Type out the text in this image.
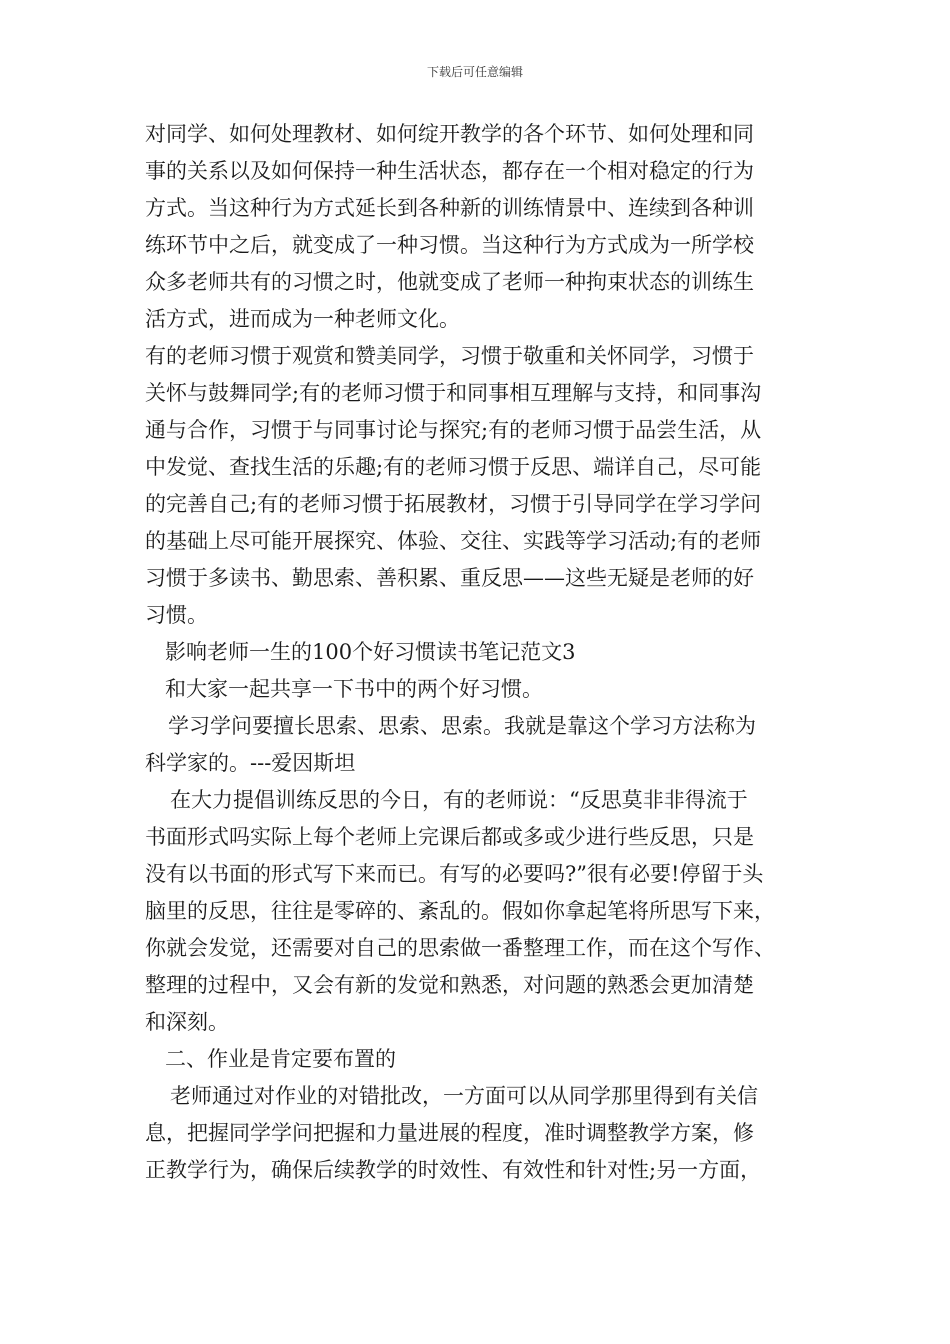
下载后可任意编辑
对同学、如何处理教材、如何绽开教学的各个环节、如何处理和同
事的关系以及如何保持一种生活状态，都存在一个相对稳定的行为
方式。当这种行为方式延长到各种新的训练情景中、连续到各种训
练环节中之后，就变成了一种习惯。当这种行为方式成为一所学校
众多老师共有的习惯之时，他就变成了老师一种拘束状态的训练生
活方式，进而成为一种老师文化。
有的老师习惯于观赏和赞美同学，习惯于敬重和关怀同学，习惯于
关怀与鼓舞同学;有的老师习惯于和同事相互理解与支持，和同事沟
通与合作，习惯于与同事讨论与探究;有的老师习惯于品尝生活，从
中发觉、查找生活的乐趣;有的老师习惯于反思、端详自己，尽可能
的完善自己;有的老师习惯于拓展教材，习惯于引导同学在学习学问
的基础上尽可能开展探究、体验、交往、实践等学习活动;有的老师
习惯于多读书、勤思索、善积累、重反思——这些无疑是老师的好
习惯。
影响老师一生的100个好习惯读书笔记范文3
和大家一起共享一下书中的两个好习惯。
学习学问要擅长思索、思索、思索。我就是靠这个学习方法称为
科学家的。---爱因斯坦
在大力提倡训练反思的今日，有的老师说：“反思莫非非得流于
书面形式吗实际上每个老师上完课后都或多或少进行些反思，只是
没有以书面的形式写下来而已。有写的必要吗?”很有必要!停留于头
脑里的反思，往往是零碎的、紊乱的。假如你拿起笔将所思写下来，
你就会发觉，还需要对自己的思索做一番整理工作，而在这个写作、
整理的过程中，又会有新的发觉和熟悉，对问题的熟悉会更加清楚
和深刻。
二、作业是肯定要布置的
老师通过对作业的对错批改，一方面可以从同学那里得到有关信
息，把握同学学问把握和力量进展的程度，准时调整教学方案，修
正教学行为，确保后续教学的时效性、有效性和针对性;另一方面，
